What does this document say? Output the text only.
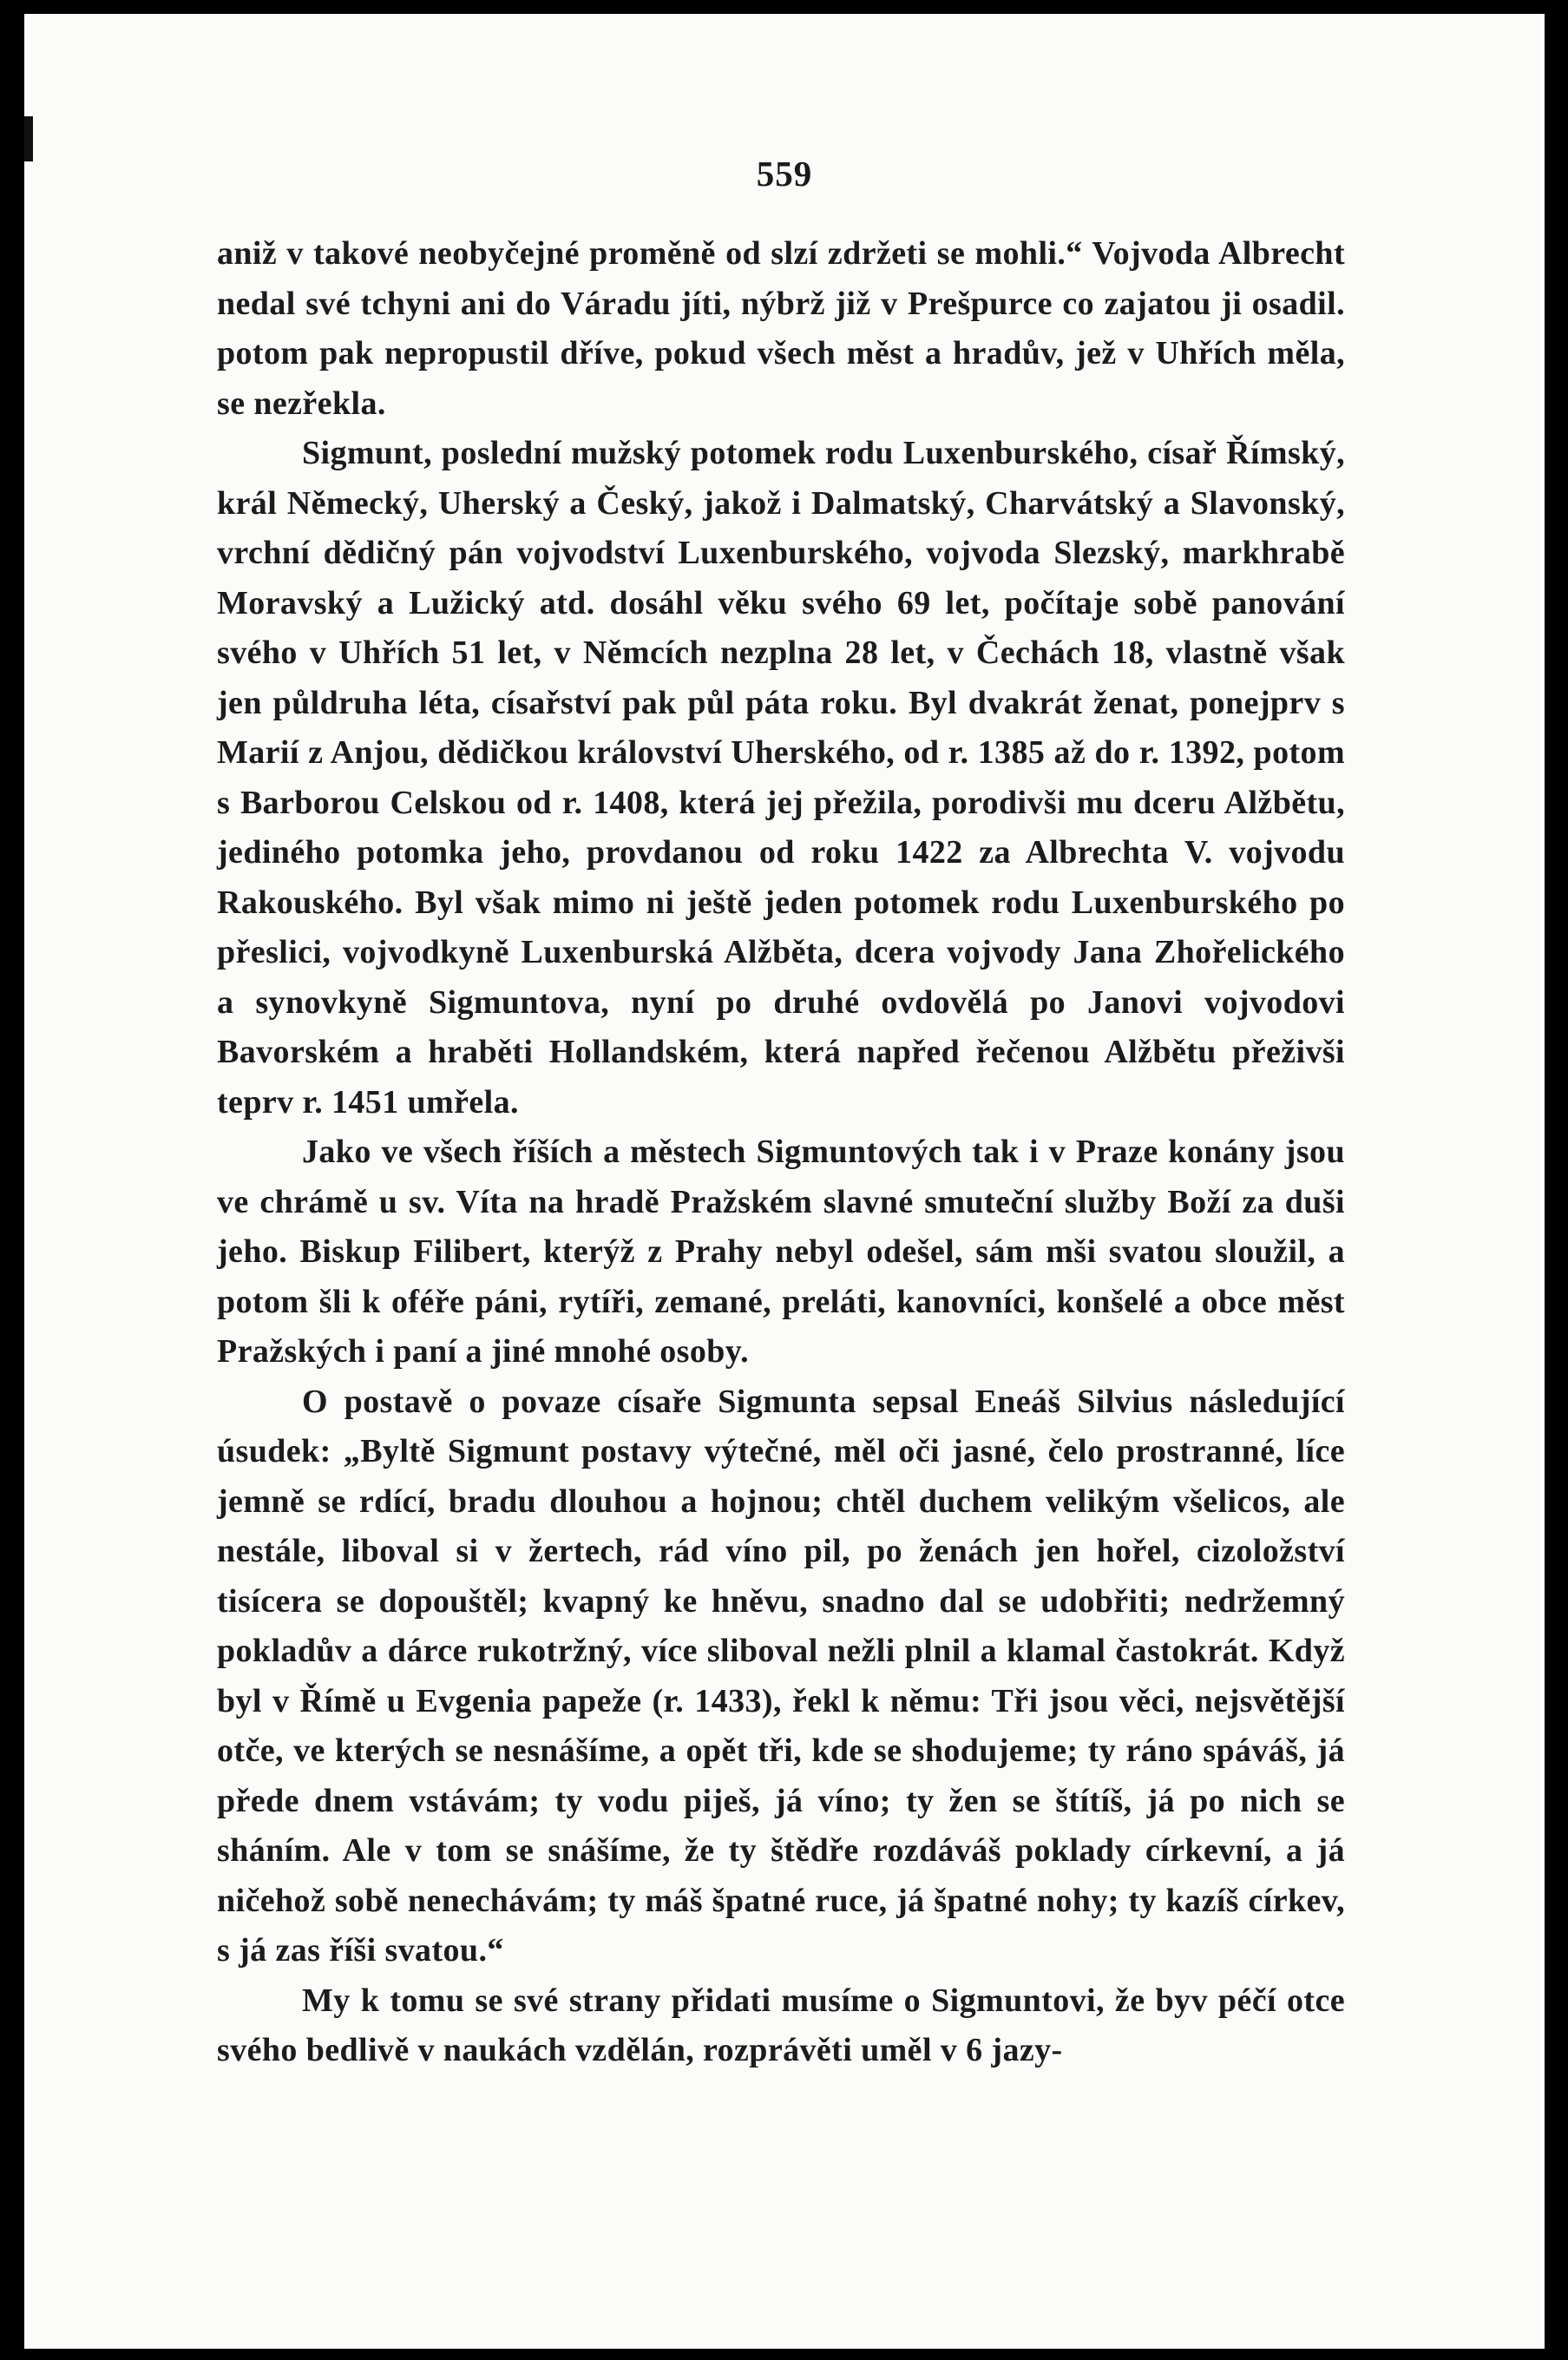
559

aniž v takové neobyčejné proměně od slzí zdržeti se mohli.“ Vojvoda Albrecht nedal své tchyni ani do Váradu jíti, nýbrž již v Prešpurce co zajatou ji osadil. potom pak nepropustil dříve, pokud všech měst a hradův, jež v Uhřích měla, se nezřekla.

Sigmunt, poslední mužský potomek rodu Luxenburského, císař Římský, král Německý, Uherský a Český, jakož i Dalmatský, Charvátský a Slavonský, vrchní dědičný pán vojvodství Luxenburského, vojvoda Slezský, markhrabě Moravský a Lužický atd. dosáhl věku svého 69 let, počítaje sobě panování svého v Uhřích 51 let, v Němcích nezplna 28 let, v Čechách 18, vlastně však jen půldruha léta, císařství pak půl páta roku. Byl dvakrát ženat, ponejprv s Marií z Anjou, dědičkou království Uherského, od r. 1385 až do r. 1392, potom s Barborou Celskou od r. 1408, která jej přežila, porodivši mu dceru Alžbětu, jediného potomka jeho, provdanou od roku 1422 za Albrechta V. vojvodu Rakouského. Byl však mimo ni ještě jeden potomek rodu Luxenburského po přeslici, vojvodkyně Luxenburská Alžběta, dcera vojvody Jana Zhořelického a synovkyně Sigmuntova, nyní po druhé ovdovělá po Janovi vojvodovi Bavorském a hraběti Hollandském, která napřed řečenou Alžbětu přeživši teprv r. 1451 umřela.

Jako ve všech říších a městech Sigmuntových tak i v Praze konány jsou ve chrámě u sv. Víta na hradě Pražském slavné smuteční služby Boží za duši jeho. Biskup Filibert, kterýž z Prahy nebyl odešel, sám mši svatou sloužil, a potom šli k oféře páni, rytíři, zemané, preláti, kanovníci, konšelé a obce měst Pražských i paní a jiné mnohé osoby.

O postavě o povaze císaře Sigmunta sepsal Eneáš Silvius následující úsudek: „Byltě Sigmunt postavy výtečné, měl oči jasné, čelo prostranné, líce jemně se rdící, bradu dlouhou a hojnou; chtěl duchem velikým všelicos, ale nestále, liboval si v žertech, rád víno pil, po ženách jen hořel, cizoložství tisícera se dopouštěl; kvapný ke hněvu, snadno dal se udobřiti; nedržemný pokladův a dárce rukotržný, více sliboval nežli plnil a klamal častokrát. Když byl v Římě u Evgenia papeže (r. 1433), řekl k němu: Tři jsou věci, nejsvětější otče, ve kterých se nesnášíme, a opět tři, kde se shodujeme; ty ráno spáváš, já přede dnem vstávám; ty vodu piješ, já víno; ty žen se štítíš, já po nich se sháním. Ale v tom se snášíme, že ty štědře rozdáváš poklady církevní, a já ničehož sobě nenechávám; ty máš špatné ruce, já špatné nohy; ty kazíš církev, s já zas říši svatou.“

My k tomu se své strany přidati musíme o Sigmuntovi, že byv péčí otce svého bedlivě v naukách vzdělán, rozprávěti uměl v 6 jazy-
